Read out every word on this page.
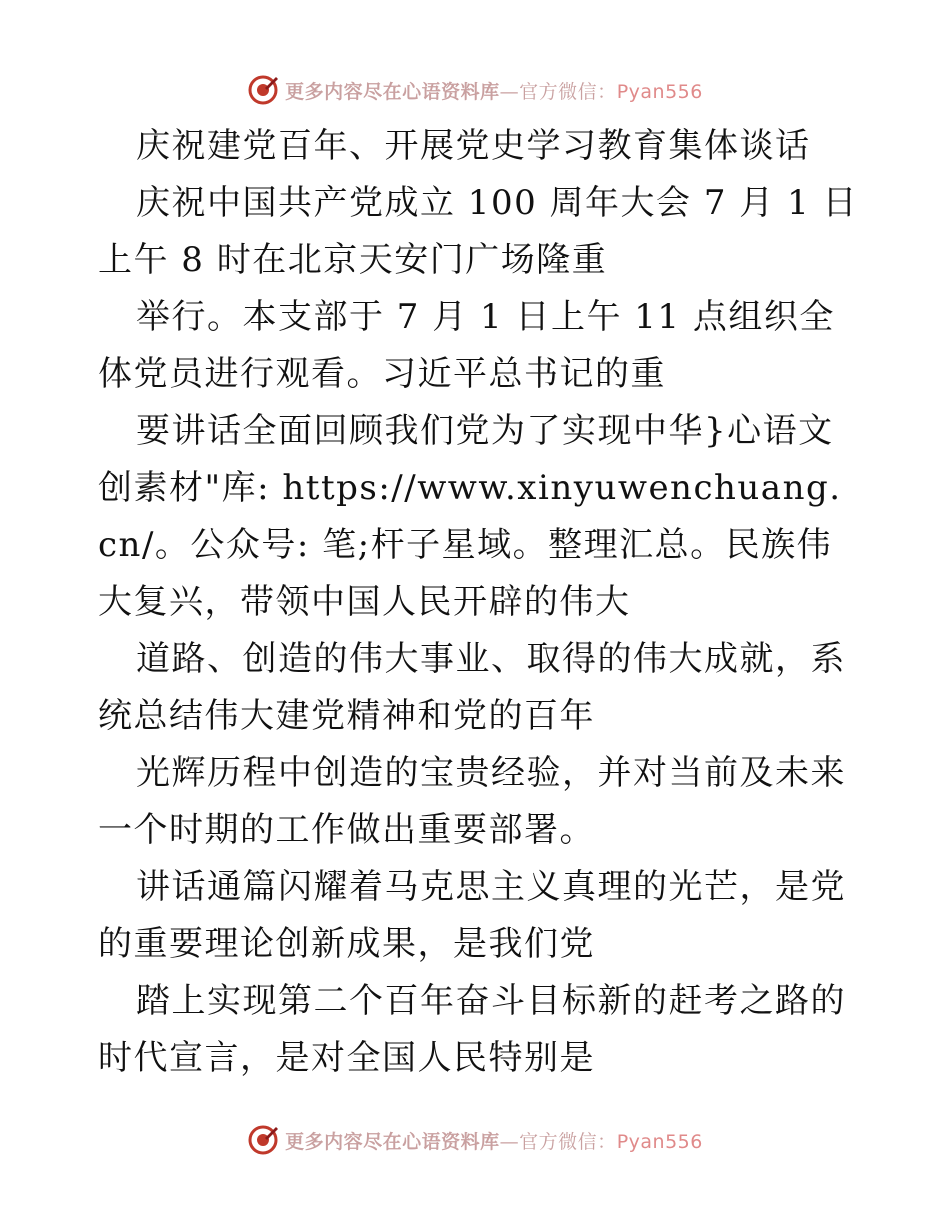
更多内容尽在心语资料库—官方微信：Pyan556

庆祝建党百年、开展党史学习教育集体谈话

庆祝中国共产党成立 100 周年大会 7 月 1 日上午 8 时在北京天安门广场隆重

举行。本支部于 7 月 1 日上午 11 点组织全体党员进行观看。习近平总书记的重

要讲话全面回顾我们党为了实现中华}心语文创素材"库: https://www.xinyuwenchuang.cn/。公众号: 笔;杆子星域。整理汇总。民族伟大复兴，带领中国人民开辟的伟大

道路、创造的伟大事业、取得的伟大成就，系统总结伟大建党精神和党的百年

光辉历程中创造的宝贵经验，并对当前及未来一个时期的工作做出重要部署。

讲话通篇闪耀着马克思主义真理的光芒，是党的重要理论创新成果，是我们党

踏上实现第二个百年奋斗目标新的赶考之路的时代宣言，是对全国人民特别是

更多内容尽在心语资料库—官方微信：Pyan556
